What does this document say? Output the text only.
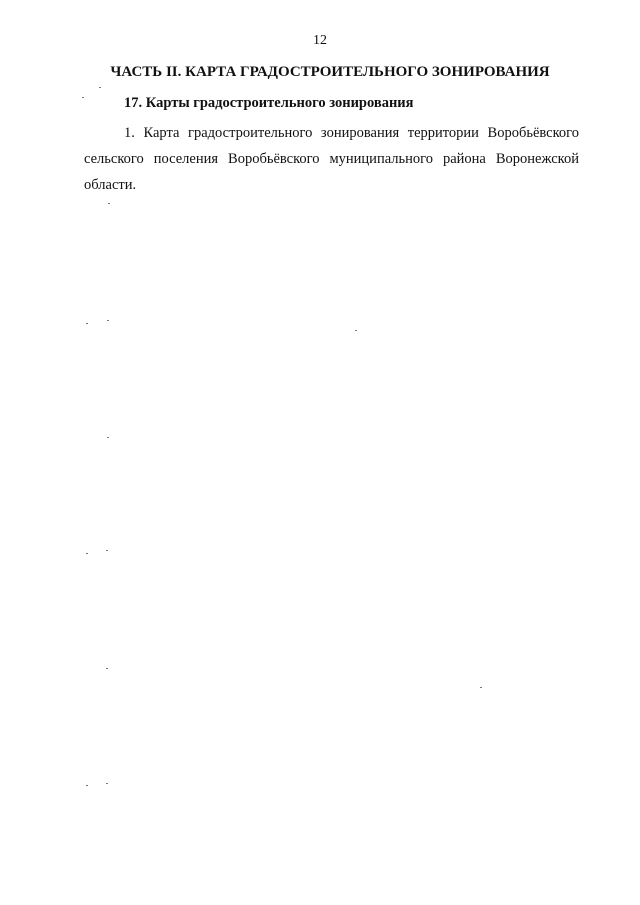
12
ЧАСТЬ II. КАРТА ГРАДОСТРОИТЕЛЬНОГО ЗОНИРОВАНИЯ
17. Карты градостроительного зонирования

1. Карта градостроительного зонирования территории Воробьёвского сельского поселения Воробьёвского муниципального района Воронежской области.
